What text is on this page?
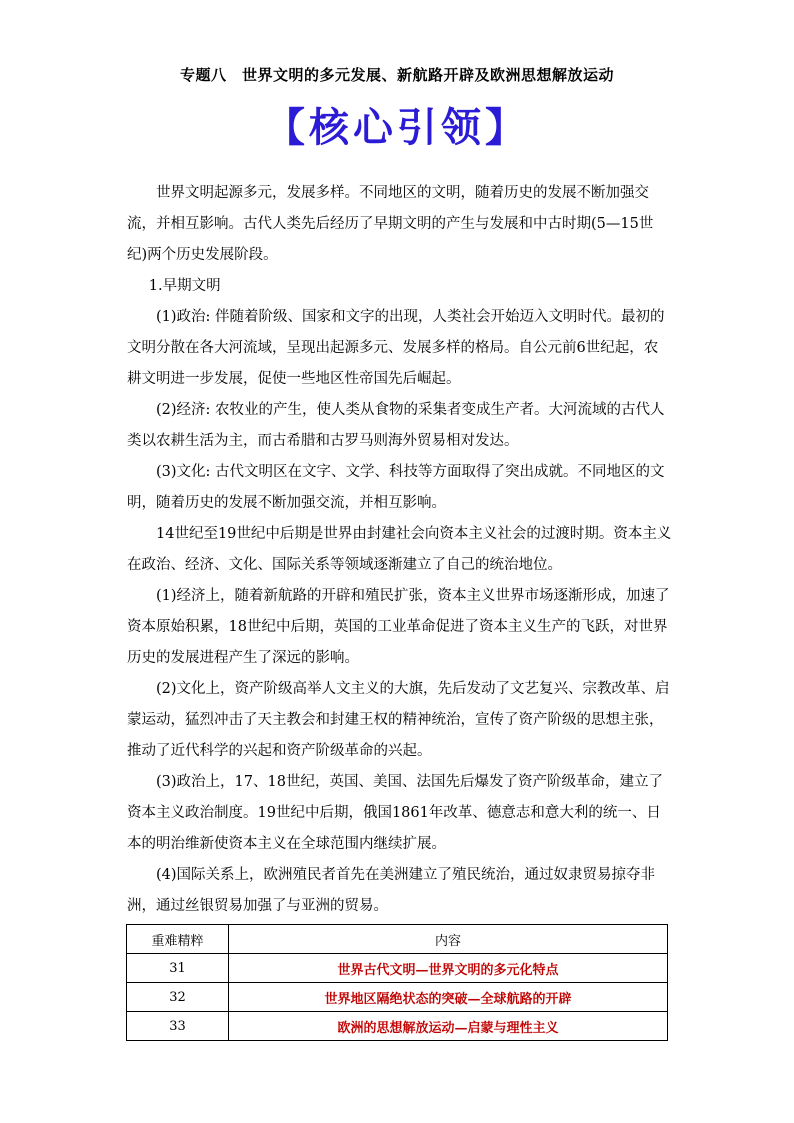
专题八　世界文明的多元发展、新航路开辟及欧洲思想解放运动
【核心引领】

世界文明起源多元，发展多样。不同地区的文明，随着历史的发展不断加强交流，并相互影响。古代人类先后经历了早期文明的产生与发展和中古时期(5—15世纪)两个历史发展阶段。

1.早期文明

(1)政治: 伴随着阶级、国家和文字的出现，人类社会开始迈入文明时代。最初的文明分散在各大河流域，呈现出起源多元、发展多样的格局。自公元前6世纪起，农耕文明进一步发展，促使一些地区性帝国先后崛起。

(2)经济: 农牧业的产生，使人类从食物的采集者变成生产者。大河流域的古代人类以农耕生活为主，而古希腊和古罗马则海外贸易相对发达。

(3)文化: 古代文明区在文字、文学、科技等方面取得了突出成就。不同地区的文明，随着历史的发展不断加强交流，并相互影响。

14世纪至19世纪中后期是世界由封建社会向资本主义社会的过渡时期。资本主义在政治、经济、文化、国际关系等领域逐渐建立了自己的统治地位。

(1)经济上，随着新航路的开辟和殖民扩张，资本主义世界市场逐渐形成，加速了资本原始积累，18世纪中后期，英国的工业革命促进了资本主义生产的飞跃，对世界历史的发展进程产生了深远的影响。

(2)文化上，资产阶级高举人文主义的大旗，先后发动了文艺复兴、宗教改革、启蒙运动，猛烈冲击了天主教会和封建王权的精神统治，宣传了资产阶级的思想主张，推动了近代科学的兴起和资产阶级革命的兴起。

(3)政治上，17、18世纪，英国、美国、法国先后爆发了资产阶级革命，建立了资本主义政治制度。19世纪中后期，俄国1861年改革、德意志和意大利的统一、日本的明治维新使资本主义在全球范围内继续扩展。

(4)国际关系上，欧洲殖民者首先在美洲建立了殖民统治，通过奴隶贸易掠夺非洲，通过丝银贸易加强了与亚洲的贸易。

重难精粹	内容
31	世界古代文明—世界文明的多元化特点
32	世界地区隔绝状态的突破—全球航路的开辟
33	欧洲的思想解放运动—启蒙与理性主义
